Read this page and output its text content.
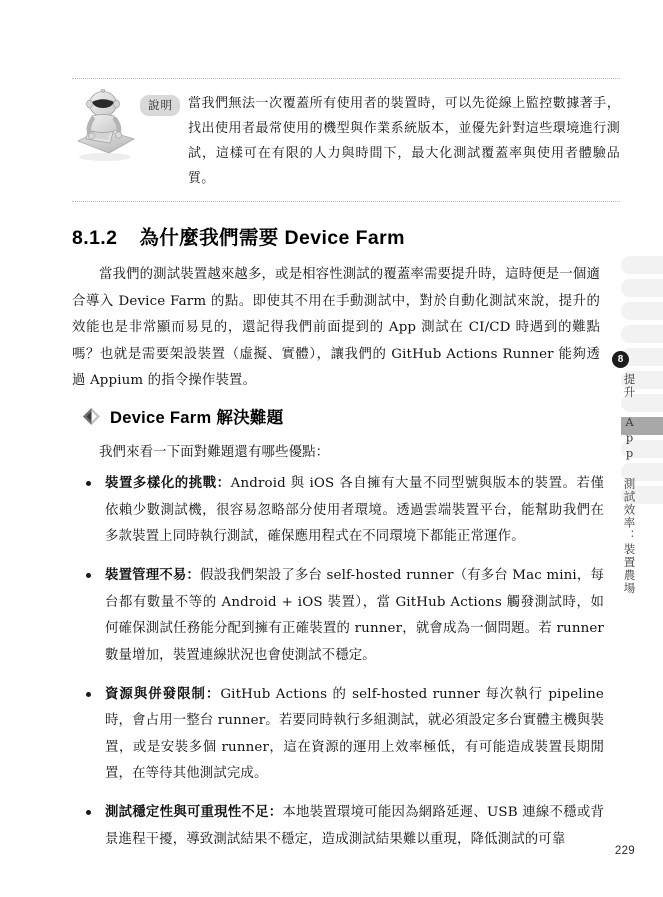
8
提升 App 測試效率：裝置農場
說明	當我們無法一次覆蓋所有使用者的裝置時，可以先從線上監控數據著手，找出使用者最常使用的機型與作業系統版本，並優先針對這些環境進行測試，這樣可在有限的人力與時間下，最大化測試覆蓋率與使用者體驗品質。
8.1.2 為什麼我們需要 Device Farm
當我們的測試裝置越來越多，或是相容性測試的覆蓋率需要提升時，這時便是一個適合導入 Device Farm 的點。即使其不用在手動測試中，對於自動化測試來說，提升的效能也是非常顯而易見的，還記得我們前面提到的 App 測試在 CI/CD 時遇到的難點嗎？也就是需要架設裝置（虛擬、實體），讓我們的 GitHub Actions Runner 能夠透過 Appium 的指令操作裝置。
Device Farm 解決難題
我們來看一下面對難題還有哪些優點：
裝置多樣化的挑戰：Android 與 iOS 各自擁有大量不同型號與版本的裝置。若僅依賴少數測試機，很容易忽略部分使用者環境。透過雲端裝置平台，能幫助我們在多款裝置上同時執行測試，確保應用程式在不同環境下都能正常運作。
裝置管理不易：假設我們架設了多台 self-hosted runner（有多台 Mac mini，每台都有數量不等的 Android + iOS 裝置），當 GitHub Actions 觸發測試時，如何確保測試任務能分配到擁有正確裝置的 runner，就會成為一個問題。若 runner 數量增加，裝置連線狀況也會使測試不穩定。
資源與併發限制：GitHub Actions 的 self-hosted runner 每次執行 pipeline 時，會占用一整台 runner。若要同時執行多組測試，就必須設定多台實體主機與裝置，或是安裝多個 runner，這在資源的運用上效率極低，有可能造成裝置長期閒置，在等待其他測試完成。
測試穩定性與可重現性不足：本地裝置環境可能因為網路延遲、USB 連線不穩或背景進程干擾，導致測試結果不穩定，造成測試結果難以重現，降低測試的可靠
229
